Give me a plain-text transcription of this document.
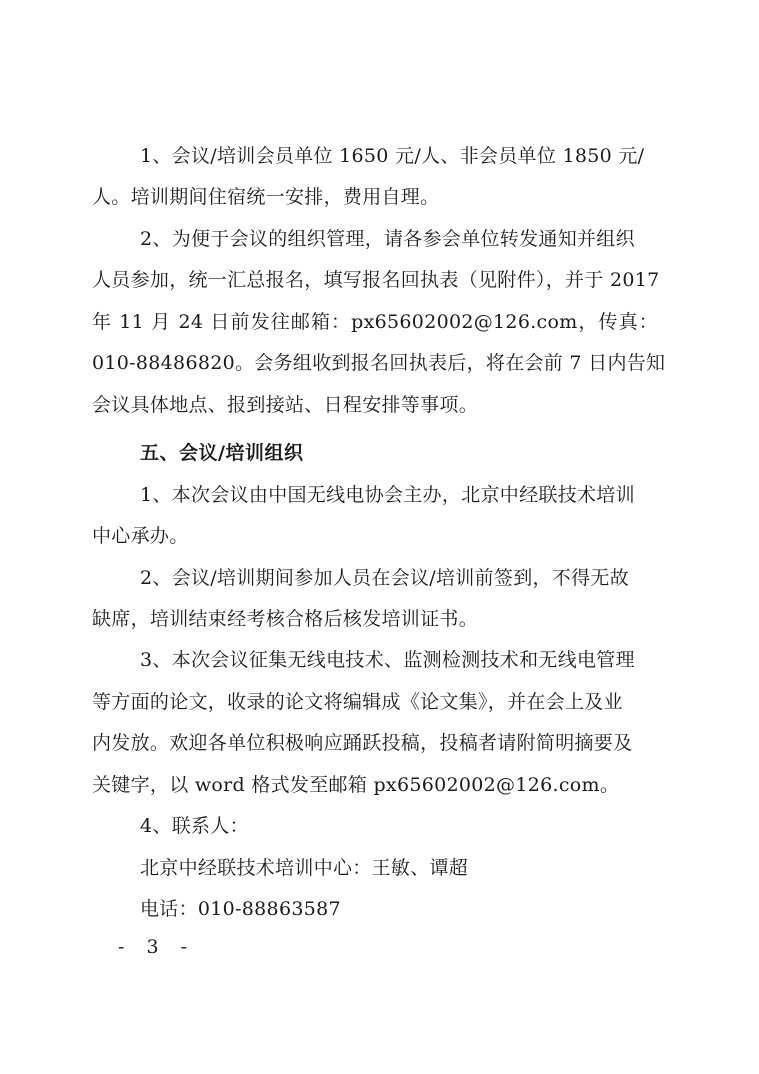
1、会议/培训会员单位 1650 元/人、非会员单位 1850 元/
人。培训期间住宿统一安排，费用自理。
2、为便于会议的组织管理，请各参会单位转发通知并组织
人员参加，统一汇总报名，填写报名回执表（见附件），并于 2017
年 11 月 24 日前发往邮箱：px65602002@126.com，传真：
010-88486820。会务组收到报名回执表后，将在会前 7 日内告知
会议具体地点、报到接站、日程安排等事项。
五、会议/培训组织
1、本次会议由中国无线电协会主办，北京中经联技术培训
中心承办。
2、会议/培训期间参加人员在会议/培训前签到，不得无故
缺席，培训结束经考核合格后核发培训证书。
3、本次会议征集无线电技术、监测检测技术和无线电管理
等方面的论文，收录的论文将编辑成《论文集》，并在会上及业
内发放。欢迎各单位积极响应踊跃投稿，投稿者请附简明摘要及
关键字，以 word 格式发至邮箱 px65602002@126.com。
4、联系人：
北京中经联技术培训中心：王敏、谭超
电话：010-88863587
- 3 -
